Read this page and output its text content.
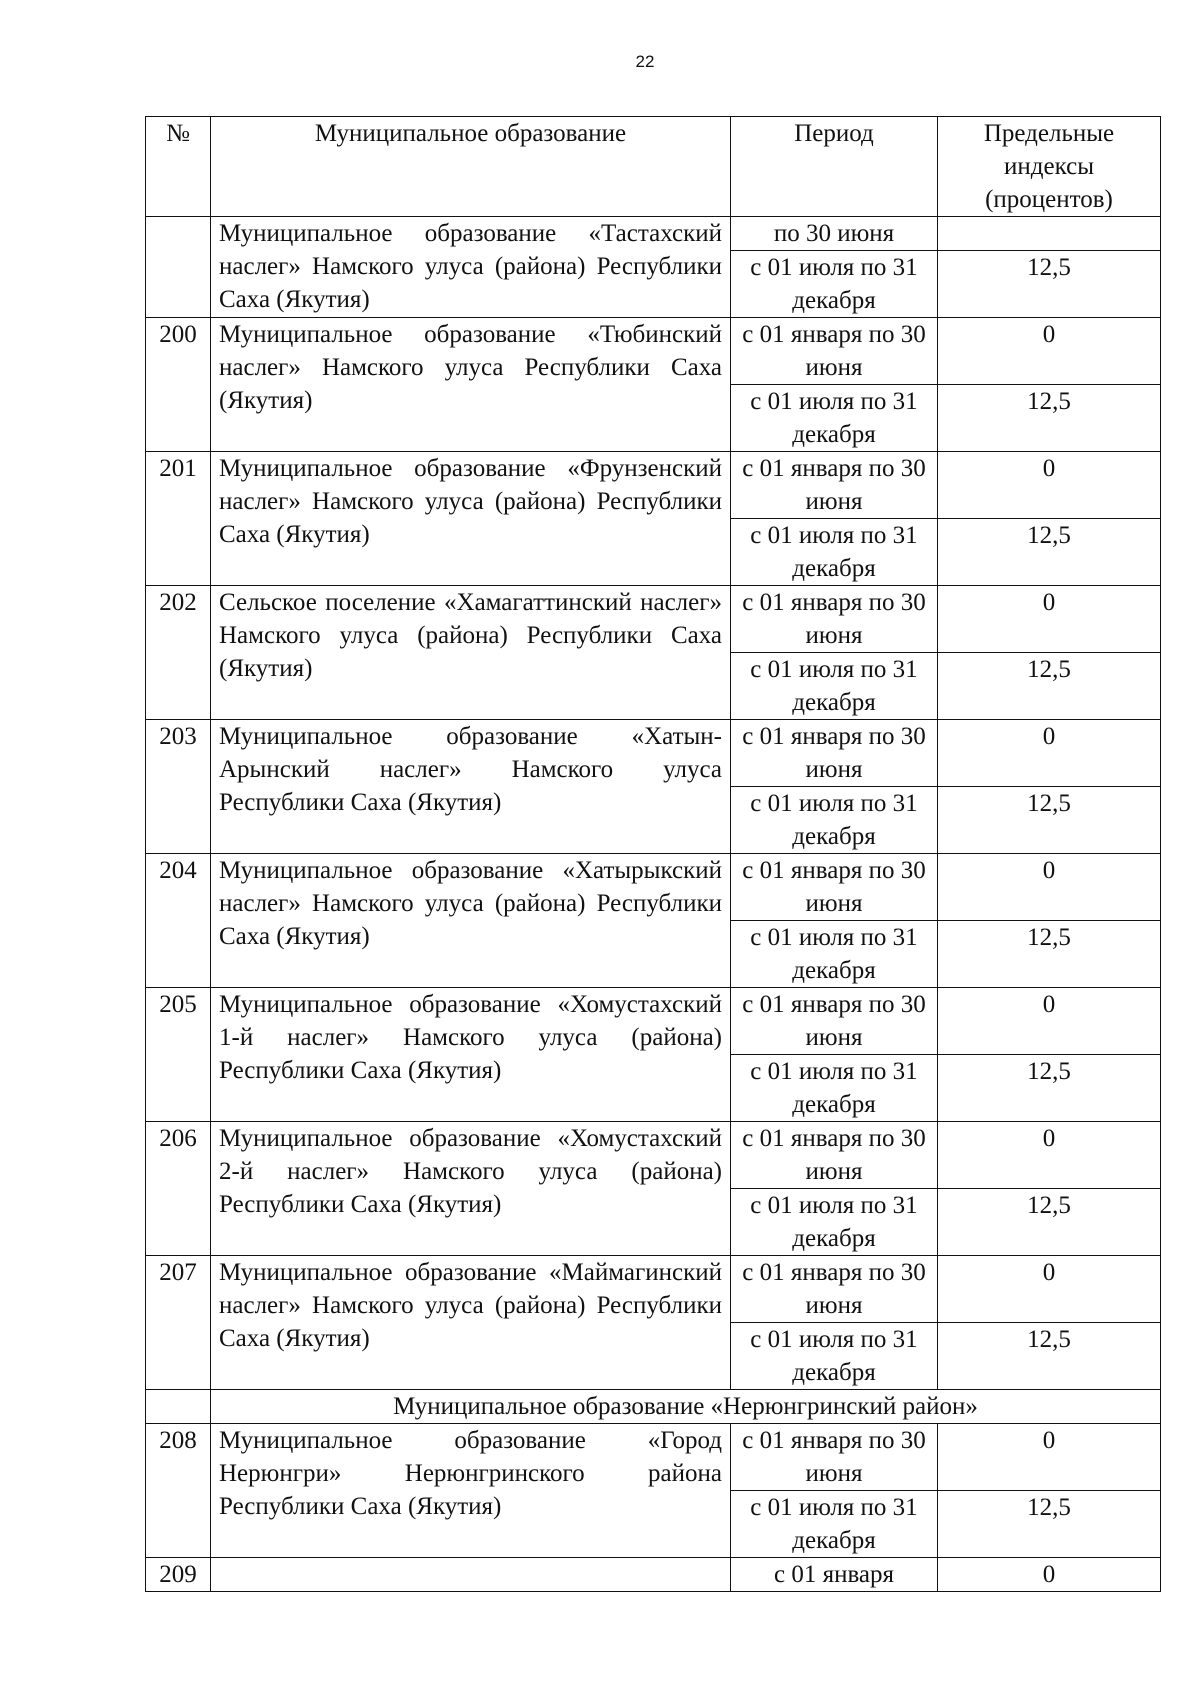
22
№	Муниципальное образование	Период	Предельные индексы (процентов)
	Муниципальное образование «Тастахский наслег» Намского улуса (района) Республики Саха (Якутия)	по 30 июня	
		с 01 июля по 31 декабря	12,5
200	Муниципальное образование «Тюбинский наслег» Намского улуса Республики Саха (Якутия)	с 01 января по 30 июня	0
		с 01 июля по 31 декабря	12,5
201	Муниципальное образование «Фрунзенский наслег» Намского улуса (района) Республики Саха (Якутия)	с 01 января по 30 июня	0
		с 01 июля по 31 декабря	12,5
202	Сельское поселение «Хамагаттинский наслег» Намского улуса (района) Республики Саха (Якутия)	с 01 января по 30 июня	0
		с 01 июля по 31 декабря	12,5
203	Муниципальное образование «Хатын-Арынский наслег» Намского улуса Республики Саха (Якутия)	с 01 января по 30 июня	0
		с 01 июля по 31 декабря	12,5
204	Муниципальное образование «Хатырыкский наслег» Намского улуса (района) Республики Саха (Якутия)	с 01 января по 30 июня	0
		с 01 июля по 31 декабря	12,5
205	Муниципальное образование «Хомустахский 1-й наслег» Намского улуса (района) Республики Саха (Якутия)	с 01 января по 30 июня	0
		с 01 июля по 31 декабря	12,5
206	Муниципальное образование «Хомустахский 2-й наслег» Намского улуса (района) Республики Саха (Якутия)	с 01 января по 30 июня	0
		с 01 июля по 31 декабря	12,5
207	Муниципальное образование «Маймагинский наслег» Намского улуса (района) Республики Саха (Якутия)	с 01 января по 30 июня	0
		с 01 июля по 31 декабря	12,5
	Муниципальное образование «Нерюнгринский район»		
208	Муниципальное образование «Город Нерюнгри» Нерюнгринского района Республики Саха (Якутия)	с 01 января по 30 июня	0
		с 01 июля по 31 декабря	12,5
209		с 01 января	0
